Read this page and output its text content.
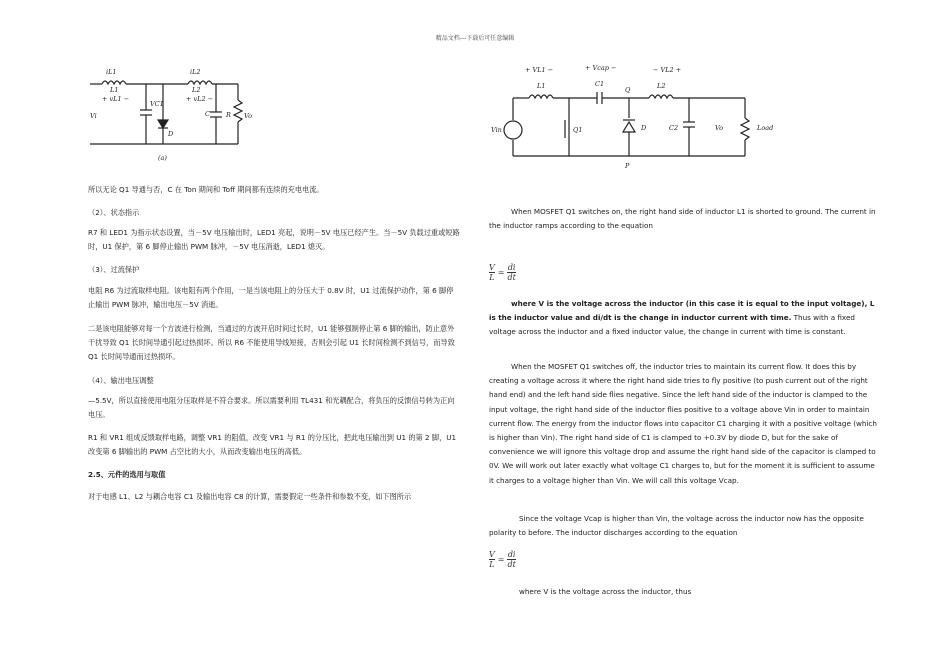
精品文档---下载后可任意编辑
iL1
L1
+ vL1 −
VC1
iL2
L2
+ vL2 −
C R Vo
Vi
D
(a)

所以无论 Q1 导通与否，C 在 Ton 期间和 Toff 期间都有连续的充电电流。

（2）、状态指示

R7 和 LED1 为指示状态设置，当－5V 电压输出时，LED1 亮起，说明－5V 电压已经产生。当－5V 负载过重或短路时，U1 保护，第 6 脚停止输出 PWM 脉冲，－5V 电压消逝，LED1 熄灭。

（3）、过流保护

电阻 R6 为过流取样电阻。该电阻有两个作用，一是当该电阻上的分压大于 0.8V 时，U1 过流保护动作，第 6 脚停止输出 PWM 脉冲，输出电压－5V 消逝。

二是该电阻能够对每一个方波进行检测，当通过的方波开启时间过长时，U1 能够强制停止第 6 脚的输出，防止意外干扰导致 Q1 长时间导通引起过热损坏。所以 R6 不能使用导线短接，否则会引起 U1 长时间检测不到信号，而导致 Q1 长时间导通而过热损坏。

（4）、输出电压调整

—5.5V，所以直接使用电阻分压取样是不符合要求。所以需要利用 TL431 和光耦配合，将负压的反馈信号转为正向电压。

R1 和 VR1 组成反馈取样电路，调整 VR1 的阻值，改变 VR1 与 R1 的分压比，把此电压输出到 U1 的第 2 脚，U1 改变第 6 脚输出的 PWM 占空比的大小，从而改变输出电压的高低。

2.5、元件的选用与取值

对于电感 L1、L2 与耦合电容 C1 及输出电容 C8 的计算，需要假定一些条件和参数不变，如下图所示

+ VL1 −	+ Vcap −	− VL2 +
L1	C1
Q	L2
Vin	Q1	D	C2	Vo	Load
P

When MOSFET Q1 switches on, the right hand side of inductor L1 is shorted to ground. The current in the inductor ramps according to the equation

V
L
=
di
dt

where V is the voltage across the inductor (in this case it is equal to the input voltage), L is the inductor value and di/dt is the change in inductor current with time. Thus with a fixed voltage across the inductor and a fixed inductor value, the change in current with time is constant.

When the MOSFET Q1 switches off, the inductor tries to maintain its current flow. It does this by creating a voltage across it where the right hand side tries to fly positive (to push current out of the right hand end) and the left hand side flies negative. Since the left hand side of the inductor is clamped to the input voltage, the right hand side of the inductor flies positive to a voltage above Vin in order to maintain current flow. The energy from the inductor flows into capacitor C1 charging it with a positive voltage (which is higher than Vin). The right hand side of C1 is clamped to +0.3V by diode D, but for the sake of convenience we will ignore this voltage drop and assume the right hand side of the capacitor is clamped to 0V. We will work out later exactly what voltage C1 charges to, but for the moment it is sufficient to assume it charges to a voltage higher than Vin. We will call this voltage Vcap.

Since the voltage Vcap is higher than Vin, the voltage across the inductor now has the opposite polarity to before. The inductor discharges according to the equation

V
L
=
di
dt

where V is the voltage across the inductor, thus
